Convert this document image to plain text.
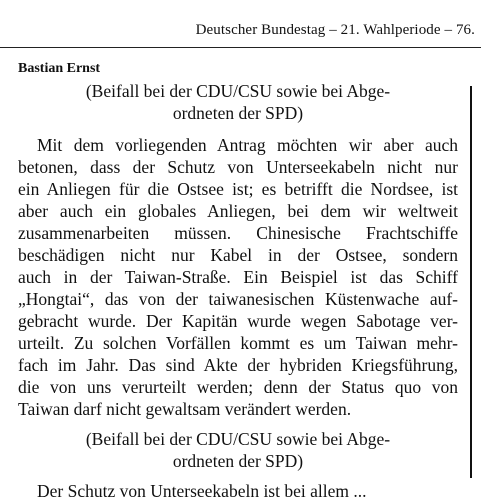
Deutscher Bundestag – 21. Wahlperiode – 76.
Bastian Ernst
(Beifall bei der CDU/CSU sowie bei Abge-
ordneten der SPD)
Mit dem vorliegenden Antrag möchten wir aber auch
betonen, dass der Schutz von Unterseekabeln nicht nur
ein Anliegen für die Ostsee ist; es betrifft die Nordsee, ist
aber auch ein globales Anliegen, bei dem wir weltweit
zusammenarbeiten müssen. Chinesische Frachtschiffe
beschädigen nicht nur Kabel in der Ostsee, sondern
auch in der Taiwan-Straße. Ein Beispiel ist das Schiff
„Hongtai“, das von der taiwanesischen Küstenwache auf-
gebracht wurde. Der Kapitän wurde wegen Sabotage ver-
urteilt. Zu solchen Vorfällen kommt es um Taiwan mehr-
fach im Jahr. Das sind Akte der hybriden Kriegsführung,
die von uns verurteilt werden; denn der Status quo von
Taiwan darf nicht gewaltsam verändert werden.
(Beifall bei der CDU/CSU sowie bei Abge-
ordneten der SPD)
Der Schutz von Unterseekabeln ist bei allem ...
